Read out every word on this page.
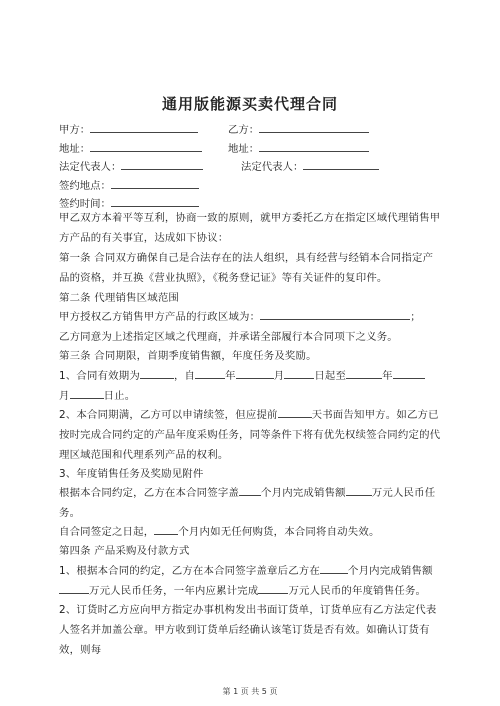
通用版能源买卖代理合同
甲方：	乙方：
地址：	地址：
法定代表人：	法定代表人：
签约地点：
签约时间：
甲乙双方本着平等互利，协商一致的原则，就甲方委托乙方在指定区域代理销售甲方产品的有关事宜，达成如下协议：
第一条 合同双方确保自己是合法存在的法人组织，具有经营与经销本合同指定产品的资格，并互换《营业执照》，《税务登记证》等有关证件的复印件。
第二条 代理销售区域范围
甲方授权乙方销售甲方产品的行政区域为：	；
乙方同意为上述指定区域之代理商，并承诺全部履行本合同项下之义务。
第三条 合同期限，首期季度销售额，年度任务及奖励。
1、合同有效期为	，自	年	月	日起至	年
月	日止。
2、本合同期满，乙方可以申请续签，但应提前	天书面告知甲方。如乙方已按时完成合同约定的产品年度采购任务，同等条件下将有优先权续签合同约定的代理区域范围和代理系列产品的权利。
3、年度销售任务及奖励见附件
根据本合同约定，乙方在本合同签字盖 个月内完成销售额	万元人民币任务。
自合同签定之日起， 个月内如无任何购货，本合同将自动失效。
第四条 产品采购及付款方式
1、根据本合同的约定，乙方在本合同签字盖章后乙方在	个月内完成销售额万元人民币任务，一年内应累计完成	万元人民币的年度销售任务。
2、订货时乙方应向甲方指定办事机构发出书面订货单，订货单应有乙方法定代表人签名并加盖公章。甲方收到订货单后经确认该笔订货是否有效。如确认订货有效，则每
第 1 页 共 5 页
